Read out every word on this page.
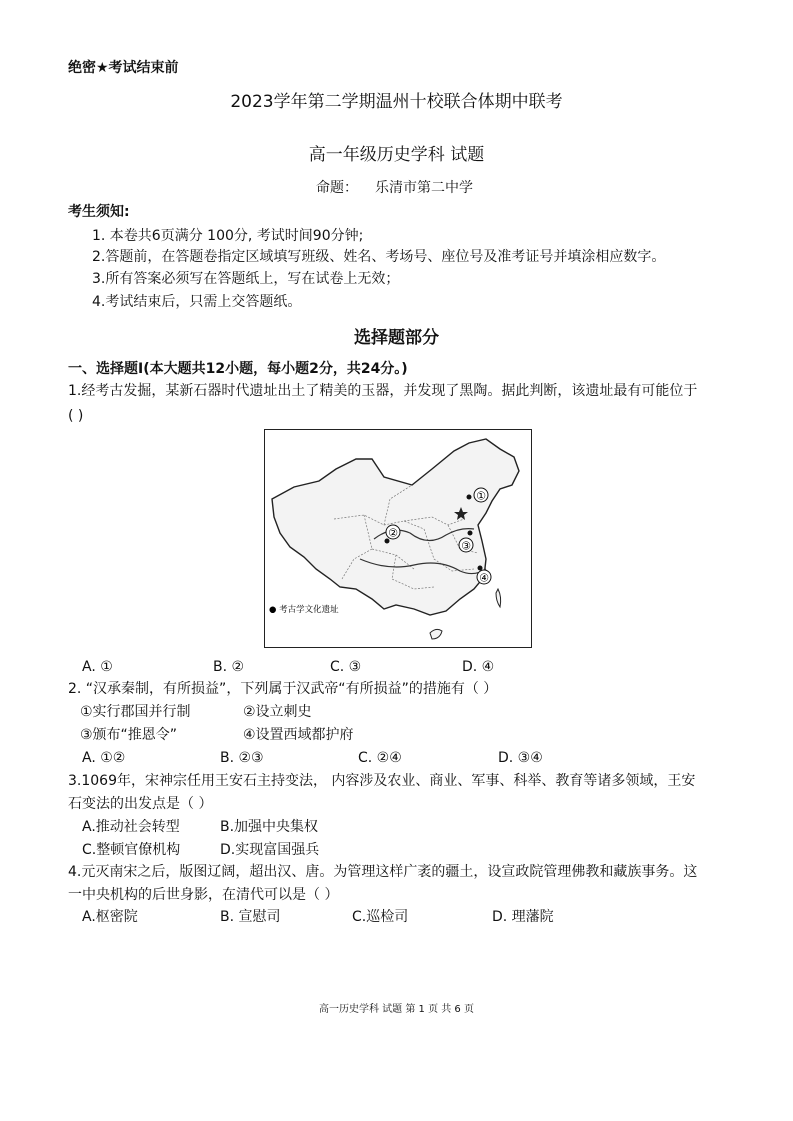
绝密★考试结束前
2023学年第二学期温州十校联合体期中联考
高一年级历史学科 试题
命题： 乐清市第二中学
考生须知:
1. 本卷共6页满分 100分, 考试时间90分钟;
2.答题前，在答题卷指定区域填写班级、姓名、考场号、座位号及准考证号并填涂相应数字。
3.所有答案必须写在答题纸上，写在试卷上无效；
4.考试结束后，只需上交答题纸。
选择题部分
一、选择题Ⅰ(本大题共12小题，每小题2分，共24分。)
1.经考古发掘，某新石器时代遗址出土了精美的玉器，并发现了黑陶。据此判断，该遗址最有可能位于
( )
①
②
③
④
● 考古学文化遗址
A. ①	B. ②	C. ③	D. ④
2. “汉承秦制，有所损益”，下列属于汉武帝“有所损益”的措施有（ ）
①实行郡国并行制	②设立刺史
③颁布“推恩令”	④设置西域都护府
A. ①②	B. ②③	C. ②④	D. ③④
3.1069年，宋神宗任用王安石主持变法， 内容涉及农业、商业、军事、科举、教育等诸多领域，王安
石变法的出发点是（ ）
A.推动社会转型	B.加强中央集权
C.整顿官僚机构	D.实现富国强兵
4.元灭南宋之后，版图辽阔，超出汉、唐。为管理这样广袤的疆土，设宣政院管理佛教和藏族事务。这
一中央机构的后世身影，在清代可以是（ ）
A.枢密院	B. 宣慰司	C.巡检司	D. 理藩院
高一历史学科 试题 第 1 页 共 6 页
